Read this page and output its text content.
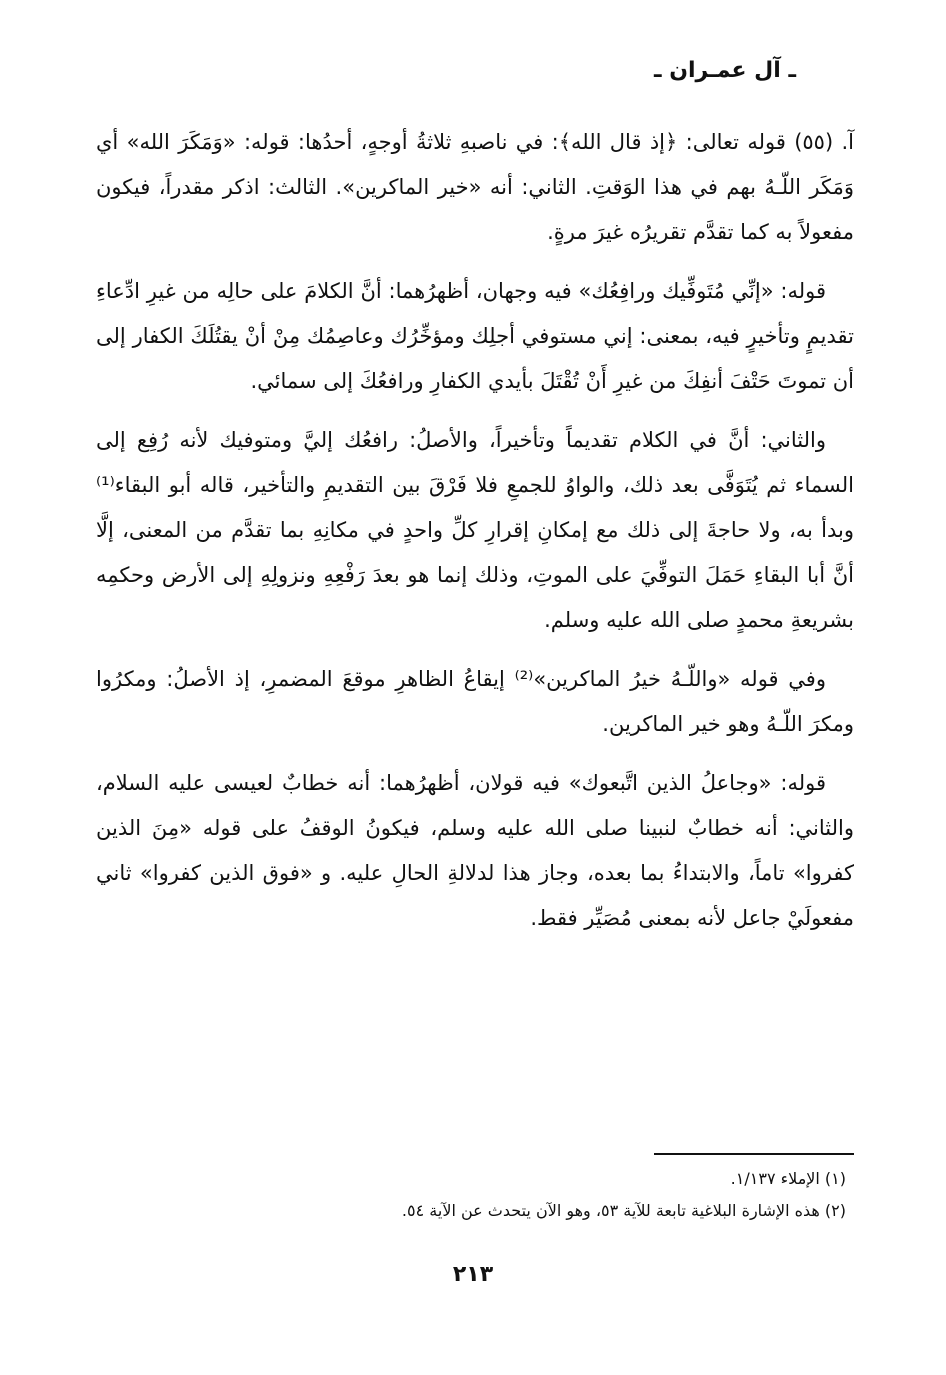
ـ آل عمـران ـ

آ. (٥٥) قوله تعالى: ﴿إذ قال الله﴾: في ناصبهِ ثلاثةُ أوجهٍ، أحدُها: قوله: «وَمَكَرَ الله» أي وَمَكَر اللّـهُ بهم في هذا الوَقتِ. الثاني: أنه «خير الماكرين». الثالث: اذكر مقدراً، فيكون مفعولاً به كما تقدَّم تقريرُه غيرَ مرةٍ.

قوله: «إنِّي مُتَوفِّيك ورافِعُك» فيه وجهان، أظهرُهما: أنَّ الكلامَ على حالِه من غيرِ ادِّعاءِ تقديمٍ وتأخيرٍ فيه، بمعنى: إني مستوفي أجلِك ومؤخِّرُك وعاصِمُك مِنْ أنْ يقتُلَكَ الكفار إلى أن تموتَ حَتْفَ أنفِكَ من غيرِ أَنْ تُقْتَلَ بأيدي الكفارِ ورافعُكَ إلى سمائي.

والثاني: أنَّ في الكلام تقديماً وتأخيراً، والأصلُ: رافعُك إليَّ ومتوفيك لأنه رُفِع إلى السماء ثم يُتَوَفَّى بعد ذلك، والواوُ للجمعِ فلا فَرْقَ بين التقديمِ والتأخير، قاله أبو البقاء⁽¹⁾ وبدأ به، ولا حاجةَ إلى ذلك مع إمكانِ إقرارِ كلِّ واحدٍ في مكانِهِ بما تقدَّم من المعنى، إلَّا أنَّ أبا البقاءِ حَمَلَ التوفِّيَ على الموتِ، وذلك إنما هو بعدَ رَفْعِهِ ونزولِهِ إلى الأرض وحكمِه بشريعةِ محمدٍ صلى الله عليه وسلم.

وفي قوله «واللّـهُ خيرُ الماكرين»⁽²⁾ إيقاعُ الظاهرِ موقعَ المضمرِ، إذ الأصلُ: ومكرُوا ومكرَ اللّـهُ وهو خير الماكرين.

قوله: «وجاعلُ الذين اتَّبعوك» فيه قولان، أظهرُهما: أنه خطابٌ لعيسى عليه السلام، والثاني: أنه خطابٌ لنبينا صلى الله عليه وسلم، فيكونُ الوقفُ على قوله «مِنَ الذين كفروا» تاماً، والابتداءُ بما بعده، وجاز هذا لدلالةِ الحالِ عليه. و «فوق الذين كفروا» ثاني مفعولَيْ جاعل لأنه بمعنى مُصَيِّر فقط.

(١) الإملاء ١/١٣٧.

(٢) هذه الإشارة البلاغية تابعة للآية ٥٣، وهو الآن يتحدث عن الآية ٥٤.

٢١٣
